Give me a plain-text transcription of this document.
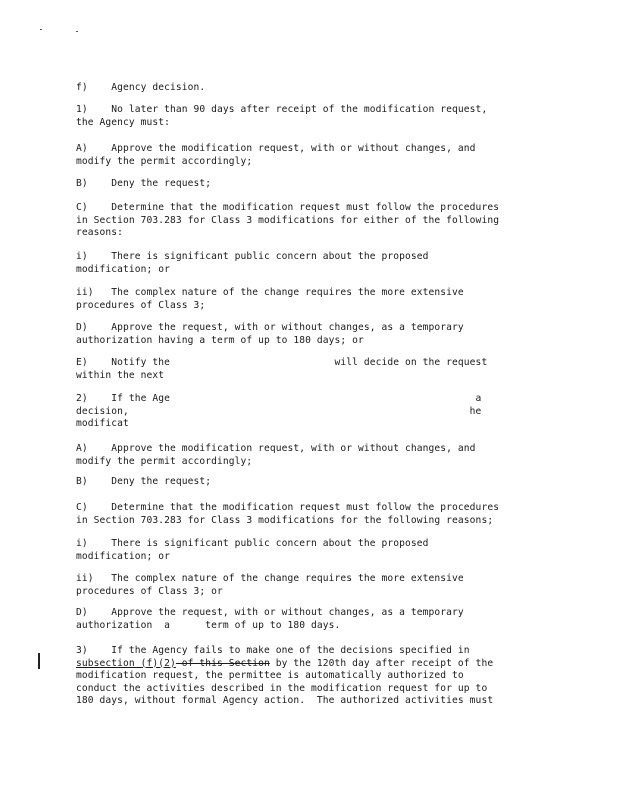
f)    Agency decision.

1)    No later than 90 days after receipt of the modification request,
the Agency must:

A)    Approve the modification request, with or without changes, and
modify the permit accordingly;

B)    Deny the request;

C)    Determine that the modification request must follow the procedures
in Section 703.283 for Class 3 modifications for either of the following
reasons:

i)    There is significant public concern about the proposed
modification; or

ii)   The complex nature of the change requires the more extensive
procedures of Class 3;

D)    Approve the request, with or without changes, as a temporary
authorization having a term of up to 180 days; or

E)    Notify the                            will decide on the request
within the next

2)    If the Age                                                    a
decision,                                                          he
modificat

A)    Approve the modification request, with or without changes, and
modify the permit accordingly;

B)    Deny the request;

C)    Determine that the modification request must follow the procedures
in Section 703.283 for Class 3 modifications for the following reasons;

i)    There is significant public concern about the proposed
modification; or

ii)   The complex nature of the change requires the more extensive
procedures of Class 3; or

D)    Approve the request, with or without changes, as a temporary
authorization  a      term of up to 180 days.

3)    If the Agency fails to make one of the decisions specified in
subsection (f)(2) of this Section by the 120th day after receipt of the
modification request, the permittee is automatically authorized to
conduct the activities described in the modification request for up to
180 days, without formal Agency action.  The authorized activities must
